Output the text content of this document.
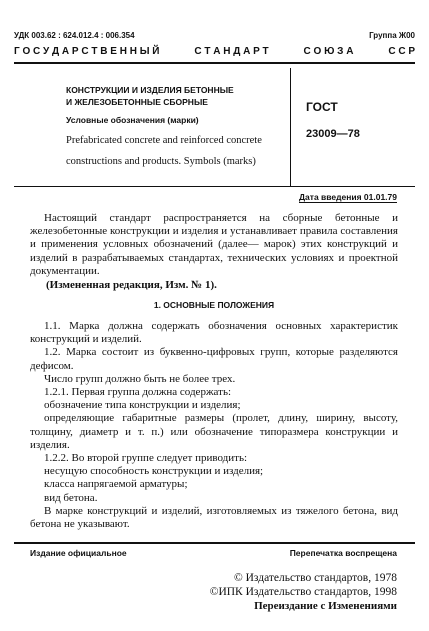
УДК 003.62 : 624.012.4 : 006.354	Группа Ж00
Г О С У Д А Р С Т В Е Н Н Ы Й	С Т А Н Д А Р Т	С О Ю З А	С С Р
КОНСТРУКЦИИ И ИЗДЕЛИЯ БЕТОННЫЕ
И ЖЕЛЕЗОБЕТОННЫЕ СБОРНЫЕ
Условные обозначения (марки)
Prefabricated concrete and reinforced concrete
constructions and products. Symbols (marks)
ГОСТ
23009—78
Дата введения 01.01.79

Настоящий стандарт распространяется на сборные бетонные и железобетонные конструкции и изделия и устанавливает правила составления и применения условных обозначений (далее— марок) этих конструкций и изделий в разрабатываемых стандартах, технических условиях и проектной документации.

(Измененная редакция, Изм. № 1).

1. ОСНОВНЫЕ ПОЛОЖЕНИЯ

1.1. Марка должна содержать обозначения основных характеристик конструкций и изделий.

1.2. Марка состоит из буквенно-цифровых групп, которые разделяются дефисом.

Число групп должно быть не более трех.

1.2.1. Первая группа должна содержать:

обозначение типа конструкции и изделия;

определяющие габаритные размеры (пролет, длину, ширину, высоту, толщину, диаметр и т. п.) или обозначение типоразмера конструкции и изделия.

1.2.2. Во второй группе следует приводить:

несущую способность конструкции и изделия;

класса напрягаемой арматуры;

вид бетона.

В марке конструкций и изделий, изготовляемых из тяжелого бетона, вид бетона не указывают.

Издание официальное	Перепечатка воспрещена
© Издательство стандартов, 1978
©ИПК Издательство стандартов, 1998
Переиздание с Изменениями
